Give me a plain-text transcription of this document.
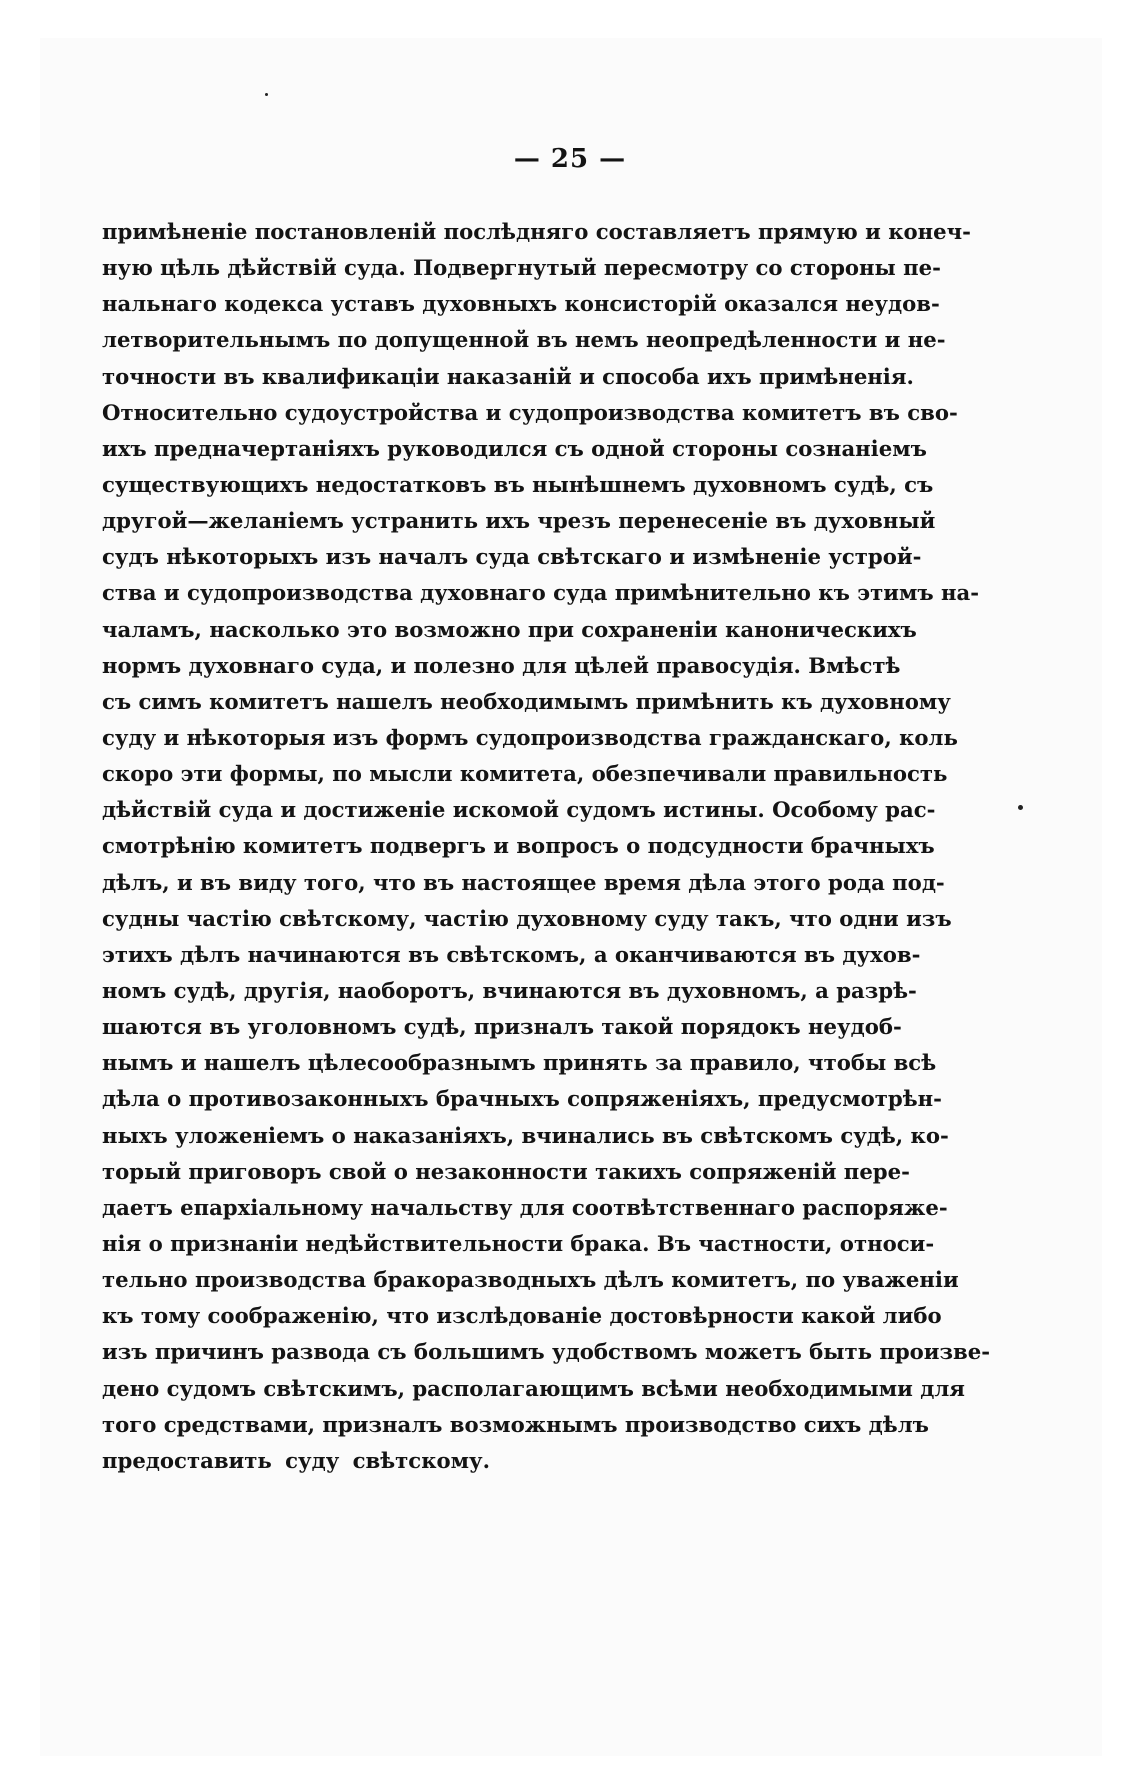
— 25 —

примѣненіе постановленій послѣдняго составляетъ прямую и конеч-
ную цѣль дѣйствій суда. Подвергнутый пересмотру со стороны пе-
нальнаго кодекса уставъ духовныхъ консисторій оказался неудов-
летворительнымъ по допущенной въ немъ неопредѣленности и не-
точности въ квалификаціи наказаній и способа ихъ примѣненія.
Относительно судоустройства и судопроизводства комитетъ въ сво-
ихъ предначертаніяхъ руководился съ одной стороны сознаніемъ
существующихъ недостатковъ въ нынѣшнемъ духовномъ судѣ, съ
другой—желаніемъ устранить ихъ чрезъ перенесеніе въ духовный
судъ нѣкоторыхъ изъ началъ суда свѣтскаго и измѣненіе устрой-
ства и судопроизводства духовнаго суда примѣнительно къ этимъ на-
чаламъ, насколько это возможно при сохраненіи каноническихъ
нормъ духовнаго суда, и полезно для цѣлей правосудія. Вмѣстѣ
съ симъ комитетъ нашелъ необходимымъ примѣнить къ духовному
суду и нѣкоторыя изъ формъ судопроизводства гражданскаго, коль
скоро эти формы, по мысли комитета, обезпечивали правильность
дѣйствій суда и достиженіе искомой судомъ истины. Особому рас-
смотрѣнію комитетъ подвергъ и вопросъ о подсудности брачныхъ
дѣлъ, и въ виду того, что въ настоящее время дѣла этого рода под-
судны частію свѣтскому, частію духовному суду такъ, что одни изъ
этихъ дѣлъ начинаются въ свѣтскомъ, а оканчиваются въ духов-
номъ судѣ, другія, наоборотъ, вчинаются въ духовномъ, а разрѣ-
шаются въ уголовномъ судѣ, призналъ такой порядокъ неудоб-
нымъ и нашелъ цѣлесообразнымъ принять за правило, чтобы всѣ
дѣла о противозаконныхъ брачныхъ сопряженіяхъ, предусмотрѣн-
ныхъ уложеніемъ о наказаніяхъ, вчинались въ свѣтскомъ судѣ, ко-
торый приговоръ свой о незаконности такихъ сопряженій пере-
даетъ епархіальному начальству для соотвѣтственнаго распоряже-
нія о признаніи недѣйствительности брака. Въ частности, относи-
тельно производства бракоразводныхъ дѣлъ комитетъ, по уваженіи
къ тому соображенію, что изслѣдованіе достовѣрности какой либо
изъ причинъ развода съ большимъ удобствомъ можетъ быть произве-
дено судомъ свѣтскимъ, располагающимъ всѣми необходимыми для
того средствами, призналъ возможнымъ производство сихъ дѣлъ
предоставить суду свѣтскому.
